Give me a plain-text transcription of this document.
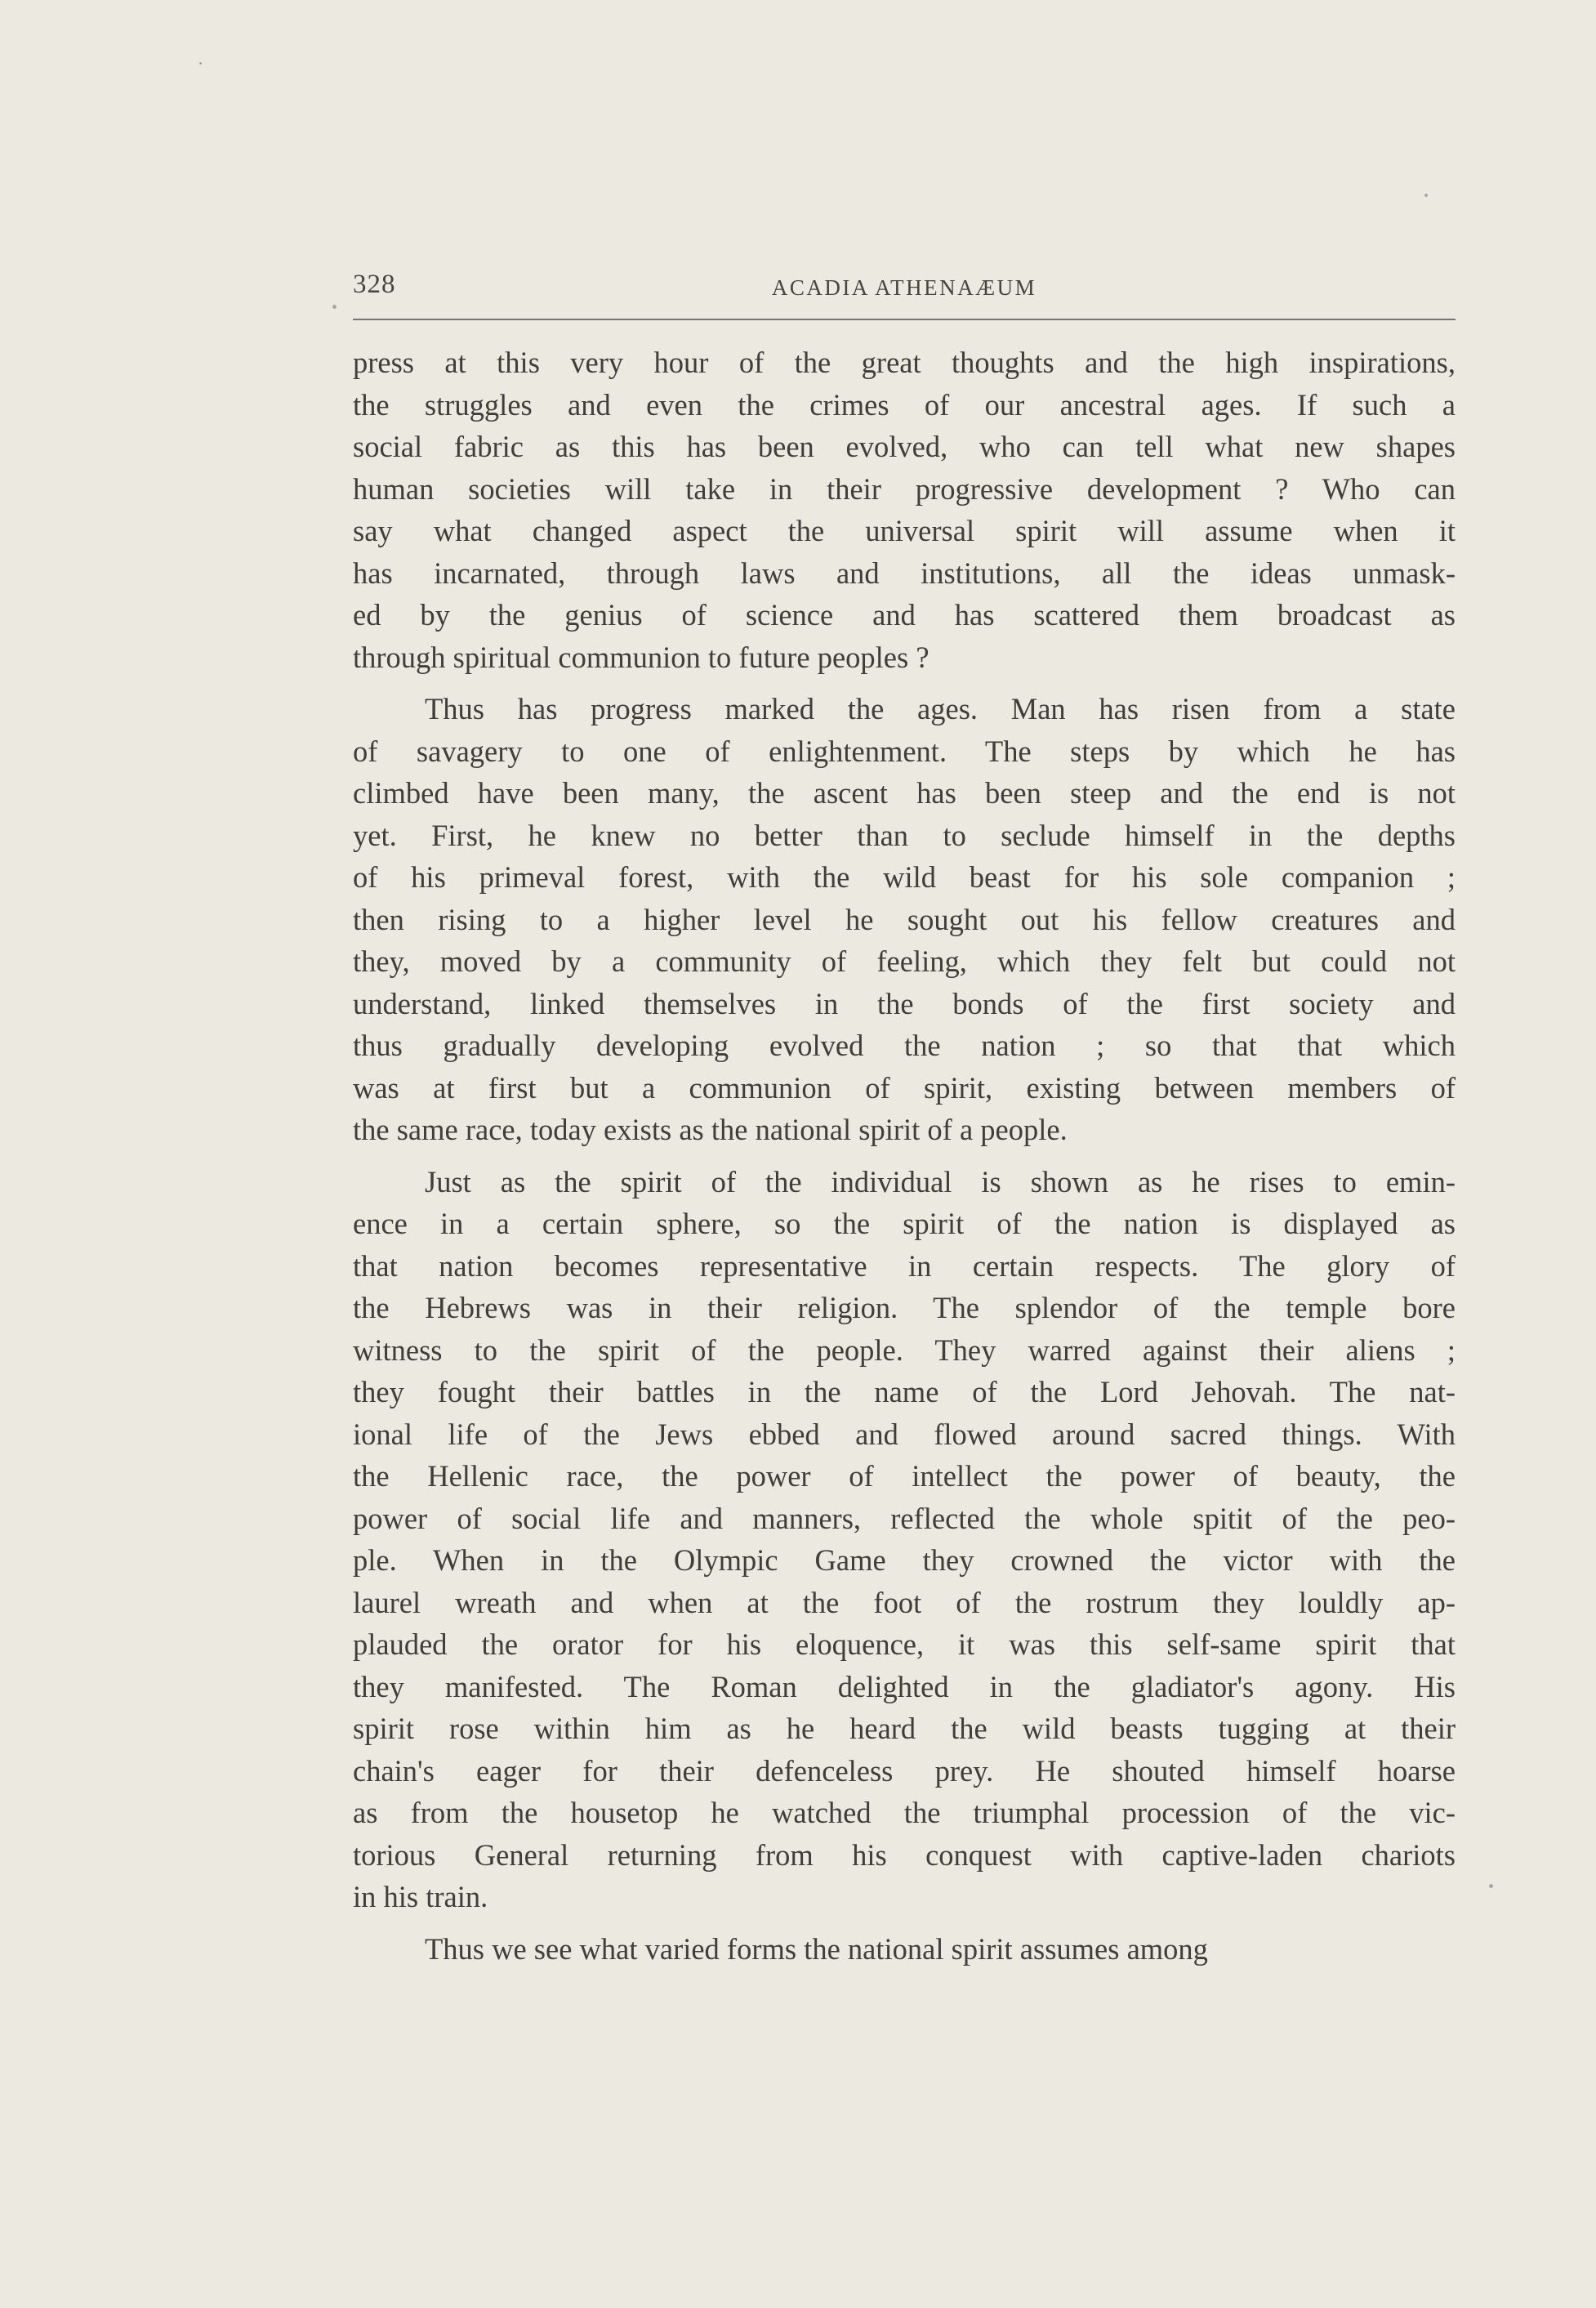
328	ACADIA ATHENAÆUM
press at this very hour of the great thoughts and the high inspirations,
the struggles and even the crimes of our ancestral ages. If such a
social fabric as this has been evolved, who can tell what new shapes
human societies will take in their progressive development ? Who can
say what changed aspect the universal spirit will assume when it
has incarnated, through laws and institutions, all the ideas unmask-
ed by the genius of science and has scattered them broadcast as
through spiritual communion to future peoples ?
Thus has progress marked the ages. Man has risen from a state
of savagery to one of enlightenment. The steps by which he has
climbed have been many, the ascent has been steep and the end is not
yet. First, he knew no better than to seclude himself in the depths
of his primeval forest, with the wild beast for his sole companion ;
then rising to a higher level he sought out his fellow creatures and
they, moved by a community of feeling, which they felt but could not
understand, linked themselves in the bonds of the first society and
thus gradually developing evolved the nation ; so that that which
was at first but a communion of spirit, existing between members of
the same race, today exists as the national spirit of a people.
Just as the spirit of the individual is shown as he rises to emin-
ence in a certain sphere, so the spirit of the nation is displayed as
that nation becomes representative in certain respects. The glory of
the Hebrews was in their religion. The splendor of the temple bore
witness to the spirit of the people. They warred against their aliens ;
they fought their battles in the name of the Lord Jehovah. The nat-
ional life of the Jews ebbed and flowed around sacred things. With
the Hellenic race, the power of intellect the power of beauty, the
power of social life and manners, reflected the whole spitit of the peo-
ple. When in the Olympic Game they crowned the victor with the
laurel wreath and when at the foot of the rostrum they louldly ap-
plauded the orator for his eloquence, it was this self-same spirit that
they manifested. The Roman delighted in the gladiator's agony. His
spirit rose within him as he heard the wild beasts tugging at their
chain's eager for their defenceless prey. He shouted himself hoarse
as from the housetop he watched the triumphal procession of the vic-
torious General returning from his conquest with captive-laden chariots
in his train.
Thus we see what varied forms the national spirit assumes among
